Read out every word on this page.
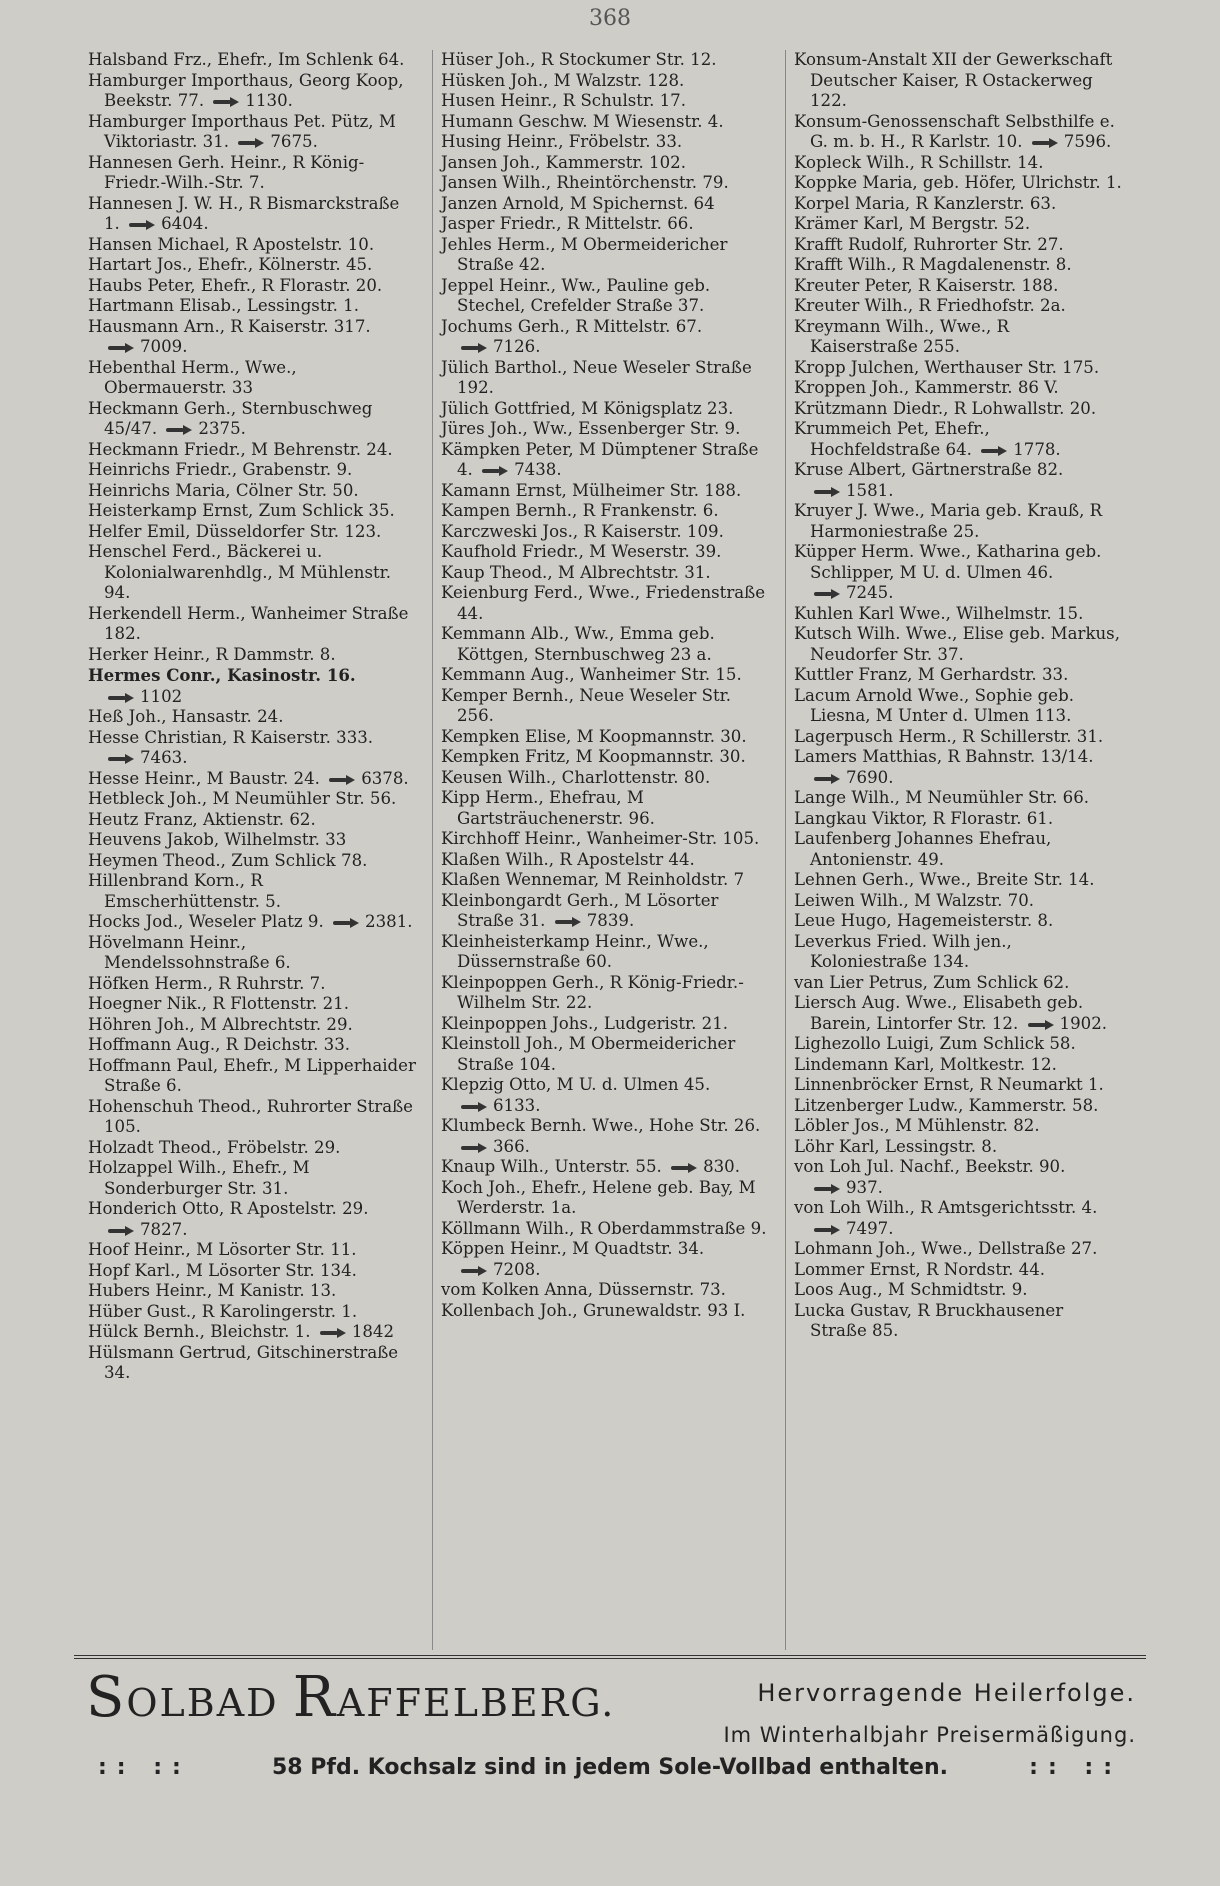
368

Halsband Frz., Ehefr., Im Schlenk 64.

Hamburger Importhaus, Georg Koop, Beekstr. 77. 1130.

Hamburger Importhaus Pet. Pütz, M Viktoriastr. 31. 7675.

Hannesen Gerh. Heinr., R König-Friedr.-Wilh.-Str. 7.

Hannesen J. W. H., R Bismarckstraße 1. 6404.

Hansen Michael, R Apostelstr. 10.

Hartart Jos., Ehefr., Kölnerstr. 45.

Haubs Peter, Ehefr., R Florastr. 20.

Hartmann Elisab., Lessingstr. 1.

Hausmann Arn., R Kaiserstr. 317. 7009.

Hebenthal Herm., Wwe., Obermauerstr. 33

Heckmann Gerh., Sternbuschweg 45/47. 2375.

Heckmann Friedr., M Behrenstr. 24.

Heinrichs Friedr., Grabenstr. 9.

Heinrichs Maria, Cölner Str. 50.

Heisterkamp Ernst, Zum Schlick 35.

Helfer Emil, Düsseldorfer Str. 123.

Henschel Ferd., Bäckerei u. Kolonialwarenhdlg., M Mühlenstr. 94.

Herkendell Herm., Wanheimer Straße 182.

Herker Heinr., R Dammstr. 8.

Hermes Conr., Kasinostr. 16. 1102

Heß Joh., Hansastr. 24.

Hesse Christian, R Kaiserstr. 333. 7463.

Hesse Heinr., M Baustr. 24. 6378.

Hetbleck Joh., M Neumühler Str. 56.

Heutz Franz, Aktienstr. 62.

Heuvens Jakob, Wilhelmstr. 33

Heymen Theod., Zum Schlick 78.

Hillenbrand Korn., R Emscherhüttenstr. 5.

Hocks Jod., Weseler Platz 9. 2381.

Hövelmann Heinr., Mendelssohnstraße 6.

Höfken Herm., R Ruhrstr. 7.

Hoegner Nik., R Flottenstr. 21.

Höhren Joh., M Albrechtstr. 29.

Hoffmann Aug., R Deichstr. 33.

Hoffmann Paul, Ehefr., M Lipperhaider Straße 6.

Hohenschuh Theod., Ruhrorter Straße 105.

Holzadt Theod., Fröbelstr. 29.

Holzappel Wilh., Ehefr., M Sonderburger Str. 31.

Honderich Otto, R Apostelstr. 29. 7827.

Hoof Heinr., M Lösorter Str. 11.

Hopf Karl., M Lösorter Str. 134.

Hubers Heinr., M Kanistr. 13.

Hüber Gust., R Karolingerstr. 1.

Hülck Bernh., Bleichstr. 1. 1842

Hülsmann Gertrud, Gitschinerstraße 34.

Hüser Joh., R Stockumer Str. 12.

Hüsken Joh., M Walzstr. 128.

Husen Heinr., R Schulstr. 17.

Humann Geschw. M Wiesenstr. 4.

Husing Heinr., Fröbelstr. 33.

Jansen Joh., Kammerstr. 102.

Jansen Wilh., Rheintörchenstr. 79.

Janzen Arnold, M Spichernst. 64

Jasper Friedr., R Mittelstr. 66.

Jehles Herm., M Obermeidericher Straße 42.

Jeppel Heinr., Ww., Pauline geb. Stechel, Crefelder Straße 37.

Jochums Gerh., R Mittelstr. 67. 7126.

Jülich Barthol., Neue Weseler Straße 192.

Jülich Gottfried, M Königsplatz 23.

Jüres Joh., Ww., Essenberger Str. 9.

Kämpken Peter, M Dümptener Straße 4. 7438.

Kamann Ernst, Mülheimer Str. 188.

Kampen Bernh., R Frankenstr. 6.

Karczweski Jos., R Kaiserstr. 109.

Kaufhold Friedr., M Weserstr. 39.

Kaup Theod., M Albrechtstr. 31.

Keienburg Ferd., Wwe., Friedenstraße 44.

Kemmann Alb., Ww., Emma geb. Köttgen, Sternbuschweg 23 a.

Kemmann Aug., Wanheimer Str. 15.

Kemper Bernh., Neue Weseler Str. 256.

Kempken Elise, M Koopmannstr. 30.

Kempken Fritz, M Koopmannstr. 30.

Keusen Wilh., Charlottenstr. 80.

Kipp Herm., Ehefrau, M Gartsträuchenerstr. 96.

Kirchhoff Heinr., Wanheimer-Str. 105.

Klaßen Wilh., R Apostelstr 44.

Klaßen Wennemar, M Reinholdstr. 7

Kleinbongardt Gerh., M Lösorter Straße 31. 7839.

Kleinheisterkamp Heinr., Wwe., Düssernstraße 60.

Kleinpoppen Gerh., R König-Friedr.-Wilhelm Str. 22.

Kleinpoppen Johs., Ludgeristr. 21.

Kleinstoll Joh., M Obermeidericher Straße 104.

Klepzig Otto, M U. d. Ulmen 45. 6133.

Klumbeck Bernh. Wwe., Hohe Str. 26. 366.

Knaup Wilh., Unterstr. 55. 830.

Koch Joh., Ehefr., Helene geb. Bay, M Werderstr. 1a.

Köllmann Wilh., R Oberdammstraße 9.

Köppen Heinr., M Quadtstr. 34. 7208.

vom Kolken Anna, Düssernstr. 73.

Kollenbach Joh., Grunewaldstr. 93 I.

Konsum-Anstalt XII der Gewerkschaft Deutscher Kaiser, R Ostackerweg 122.

Konsum-Genossenschaft Selbsthilfe e. G. m. b. H., R Karlstr. 10. 7596.

Kopleck Wilh., R Schillstr. 14.

Koppke Maria, geb. Höfer, Ulrichstr. 1.

Korpel Maria, R Kanzlerstr. 63.

Krämer Karl, M Bergstr. 52.

Krafft Rudolf, Ruhrorter Str. 27.

Krafft Wilh., R Magdalenenstr. 8.

Kreuter Peter, R Kaiserstr. 188.

Kreuter Wilh., R Friedhofstr. 2a.

Kreymann Wilh., Wwe., R Kaiserstraße 255.

Kropp Julchen, Werthauser Str. 175.

Kroppen Joh., Kammerstr. 86 V.

Krützmann Diedr., R Lohwallstr. 20.

Krummeich Pet, Ehefr., Hochfeldstraße 64. 1778.

Kruse Albert, Gärtnerstraße 82. 1581.

Kruyer J. Wwe., Maria geb. Krauß, R Harmoniestraße 25.

Küpper Herm. Wwe., Katharina geb. Schlipper, M U. d. Ulmen 46. 7245.

Kuhlen Karl Wwe., Wilhelmstr. 15.

Kutsch Wilh. Wwe., Elise geb. Markus, Neudorfer Str. 37.

Kuttler Franz, M Gerhardstr. 33.

Lacum Arnold Wwe., Sophie geb. Liesna, M Unter d. Ulmen 113.

Lagerpusch Herm., R Schillerstr. 31.

Lamers Matthias, R Bahnstr. 13/14. 7690.

Lange Wilh., M Neumühler Str. 66.

Langkau Viktor, R Florastr. 61.

Laufenberg Johannes Ehefrau, Antonienstr. 49.

Lehnen Gerh., Wwe., Breite Str. 14.

Leiwen Wilh., M Walzstr. 70.

Leue Hugo, Hagemeisterstr. 8.

Leverkus Fried. Wilh jen., Koloniestraße 134.

van Lier Petrus, Zum Schlick 62.

Liersch Aug. Wwe., Elisabeth geb. Barein, Lintorfer Str. 12. 1902.

Lighezollo Luigi, Zum Schlick 58.

Lindemann Karl, Moltkestr. 12.

Linnenbröcker Ernst, R Neumarkt 1.

Litzenberger Ludw., Kammerstr. 58.

Löbler Jos., M Mühlenstr. 82.

Löhr Karl, Lessingstr. 8.

von Loh Jul. Nachf., Beekstr. 90. 937.

von Loh Wilh., R Amtsgerichtsstr. 4. 7497.

Lohmann Joh., Wwe., Dellstraße 27.

Lommer Ernst, R Nordstr. 44.

Loos Aug., M Schmidtstr. 9.

Lucka Gustav, R Bruckhausener Straße 85.

SOLBAD RAFFELBERG.	Hervorragende Heilerfolge.
Im Winterhalbjahr Preisermäßigung.
:: ::	58 Pfd. Kochsalz sind in jedem Sole-Vollbad enthalten.	:: ::
